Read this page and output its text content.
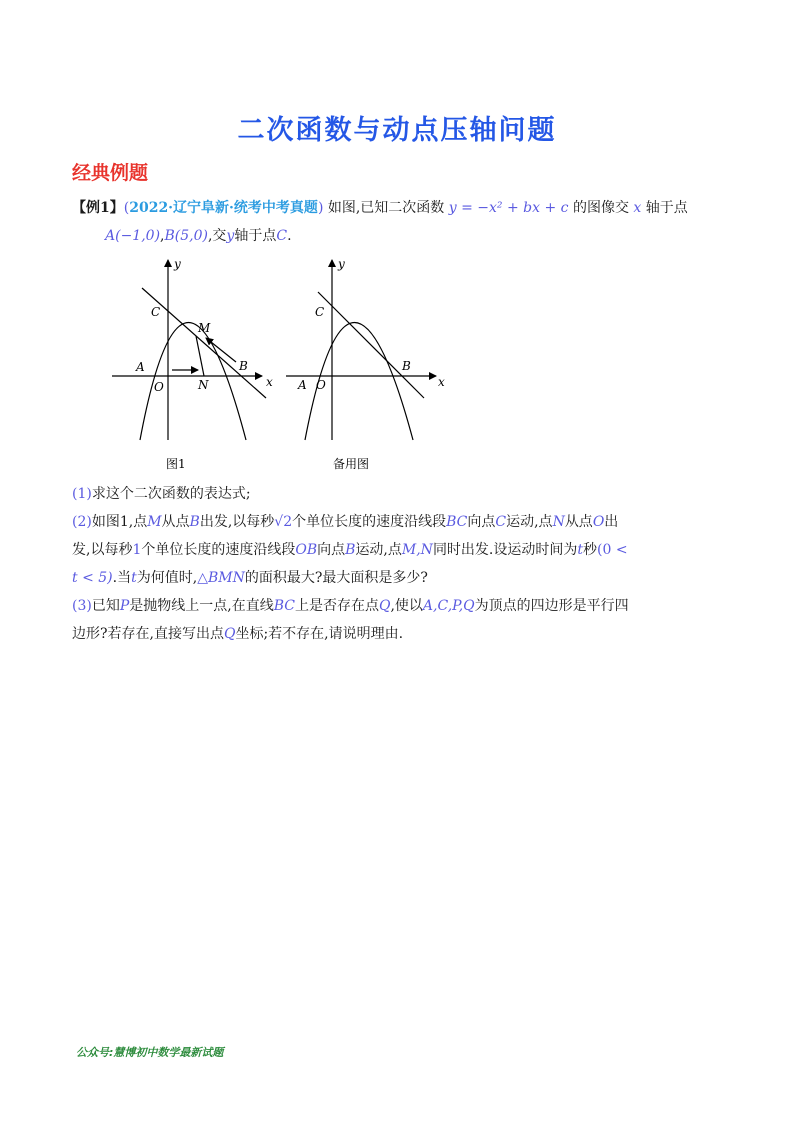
二次函数与动点压轴问题
经典例题
【例1】(2022·辽宁阜新·统考中考真题) 如图,已知二次函数 y = −x² + bx + c 的图像交 x 轴于点
A(−1,0),B(5,0),交y轴于点C.
y
C
M
A
O	N
B
x
y
C
A O
B
x
图1	备用图
(1)求这个二次函数的表达式;
(2)如图1,点M从点B出发,以每秒√2个单位长度的速度沿线段BC向点C运动,点N从点O出
发,以每秒1个单位长度的速度沿线段OB向点B运动,点M,N同时出发.设运动时间为t秒(0 <
t < 5).当t为何值时,△BMN的面积最大?最大面积是多少?
(3)已知P是抛物线上一点,在直线BC上是否存在点Q,使以A,C,P,Q为顶点的四边形是平行四
边形?若存在,直接写出点Q坐标;若不存在,请说明理由.
公众号:慧博初中数学最新试题
